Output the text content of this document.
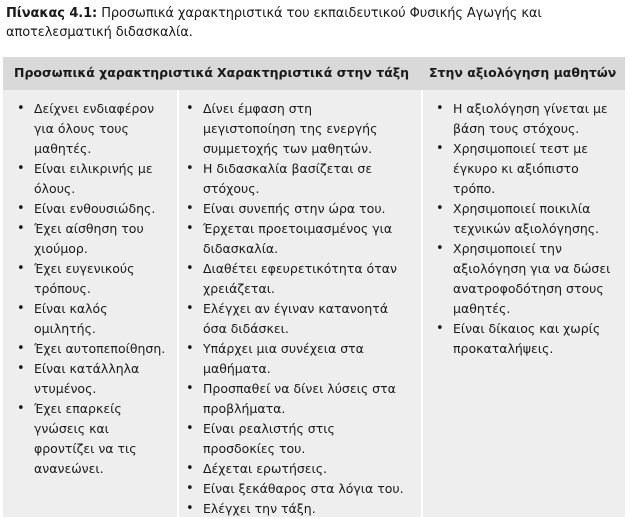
Πίνακας 4.1: Προσωπικά χαρακτηριστικά του εκπαιδευτικού Φυσικής Αγωγής και αποτελεσματική διδασκαλία.
Προσωπικά χαρακτηριστικά Χαρακτηριστικά στην τάξη Στην αξιολόγηση μαθητών
• Δείχνει ενδιαφέρον για όλους τους μαθητές.
• Είναι ειλικρινής με όλους.
• Είναι ενθουσιώδης.
• Έχει αίσθηση του χιούμορ.
• Έχει ευγενικούς τρόπους.
• Είναι καλός ομιλητής.
• Έχει αυτοπεποίθηση.
• Είναι κατάλληλα ντυμένος.
• Έχει επαρκείς γνώσεις και φροντίζει να τις ανανεώνει.
• Δίνει έμφαση στη μεγιστοποίηση της ενεργής συμμετοχής των μαθητών.
• Η διδασκαλία βασίζεται σε στόχους.
• Είναι συνεπής στην ώρα του.
• Έρχεται προετοιμασμένος για διδασκαλία.
• Διαθέτει εφευρετικότητα όταν χρειάζεται.
• Ελέγχει αν έγιναν κατανοητά όσα διδάσκει.
• Υπάρχει μια συνέχεια στα μαθήματα.
• Προσπαθεί να δίνει λύσεις στα προβλήματα.
• Είναι ρεαλιστής στις προσδοκίες του.
• Δέχεται ερωτήσεις.
• Είναι ξεκάθαρος στα λόγια του.
• Ελέγχει την τάξη.
• Η αξιολόγηση γίνεται με βάση τους στόχους.
• Χρησιμοποιεί τεστ με έγκυρο κι αξιόπιστο τρόπο.
• Χρησιμοποιεί ποικιλία τεχνικών αξιολόγησης.
• Χρησιμοποιεί την αξιολόγηση για να δώσει ανατροφοδότηση στους μαθητές.
• Είναι δίκαιος και χωρίς προκαταλήψεις.
